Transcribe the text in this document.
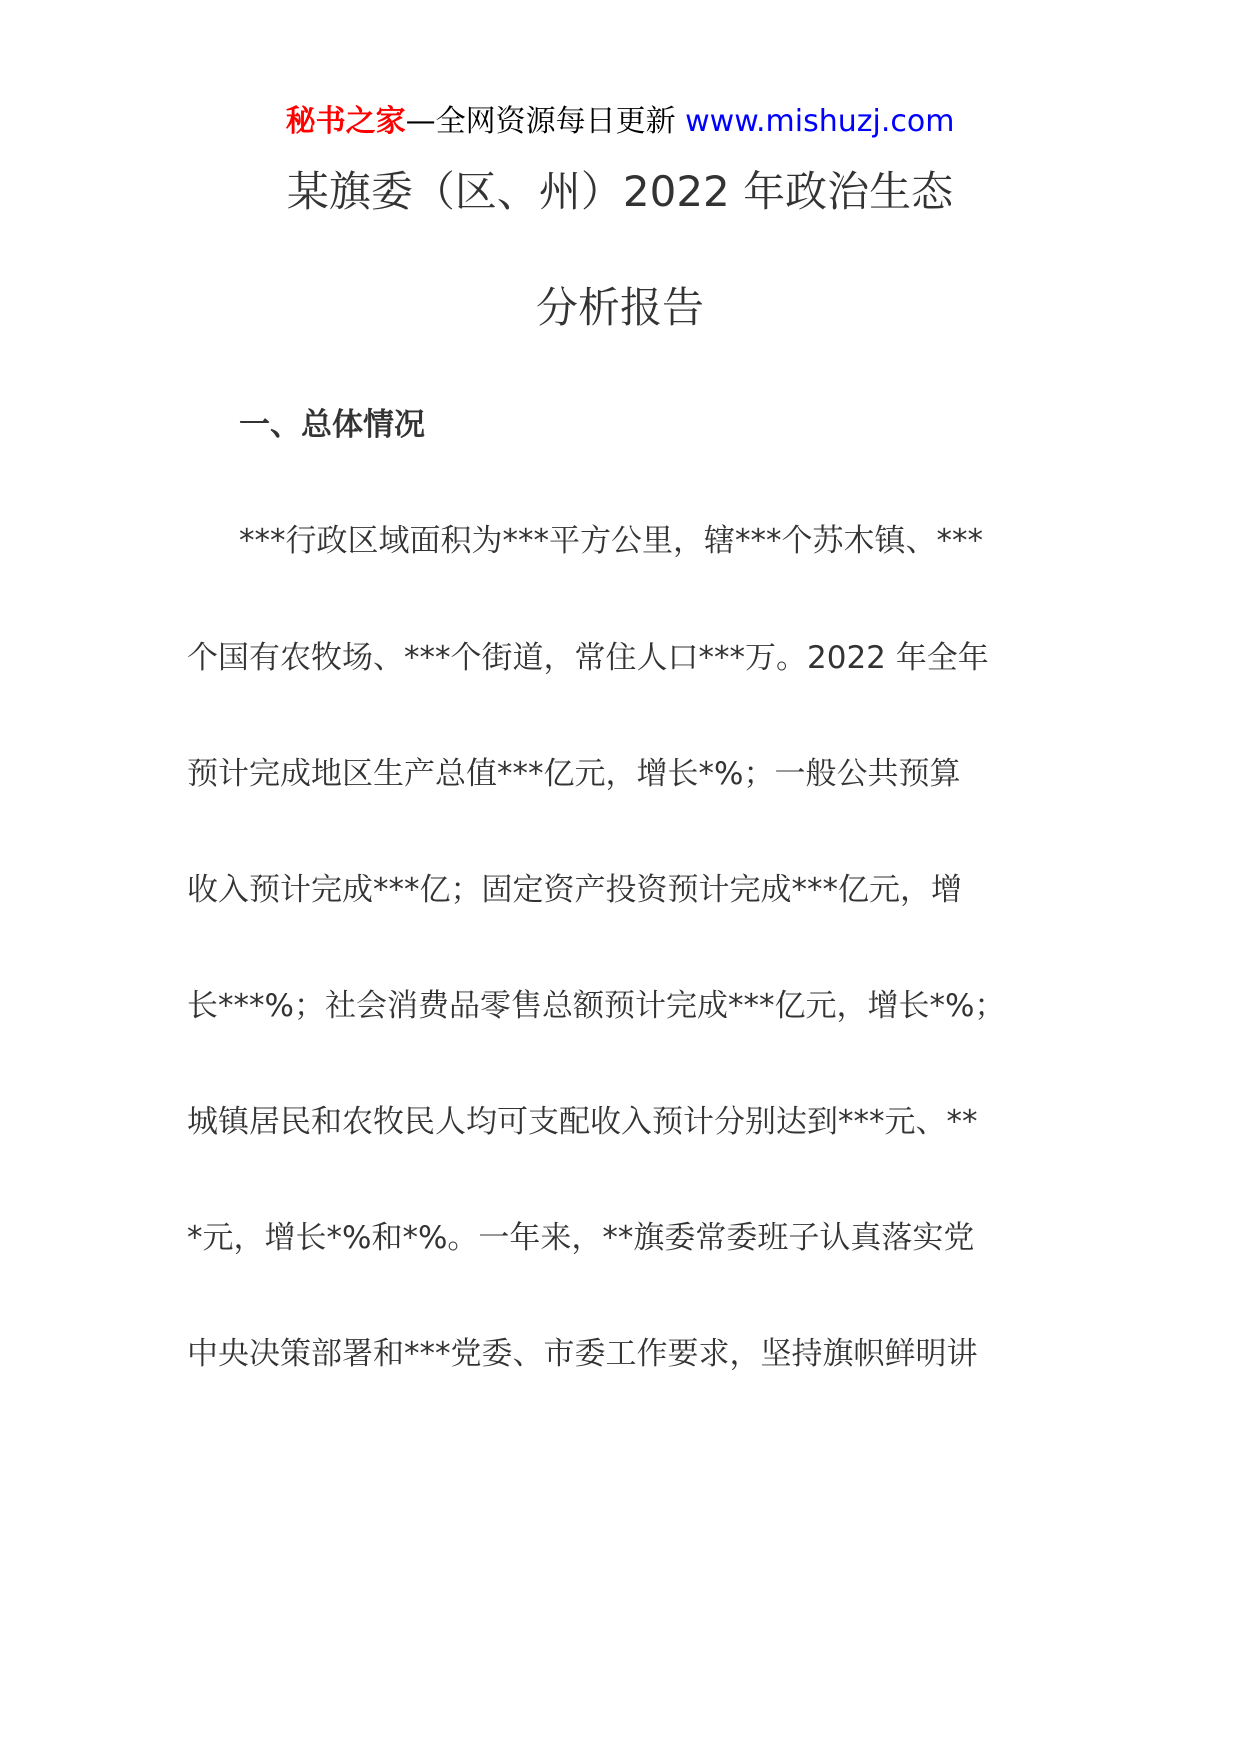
秘书之家—全网资源每日更新 www.mishuzj.com
某旗委（区、州）2022 年政治生态
分析报告
一、总体情况
***行政区域面积为***平方公里，辖***个苏木镇、***
个国有农牧场、***个街道，常住人口***万。2022 年全年
预计完成地区生产总值***亿元，增长*%；一般公共预算
收入预计完成***亿；固定资产投资预计完成***亿元，增
长***%；社会消费品零售总额预计完成***亿元，增长*%；
城镇居民和农牧民人均可支配收入预计分别达到***元、**
*元，增长*%和*%。一年来，**旗委常委班子认真落实党
中央决策部署和***党委、市委工作要求，坚持旗帜鲜明讲
